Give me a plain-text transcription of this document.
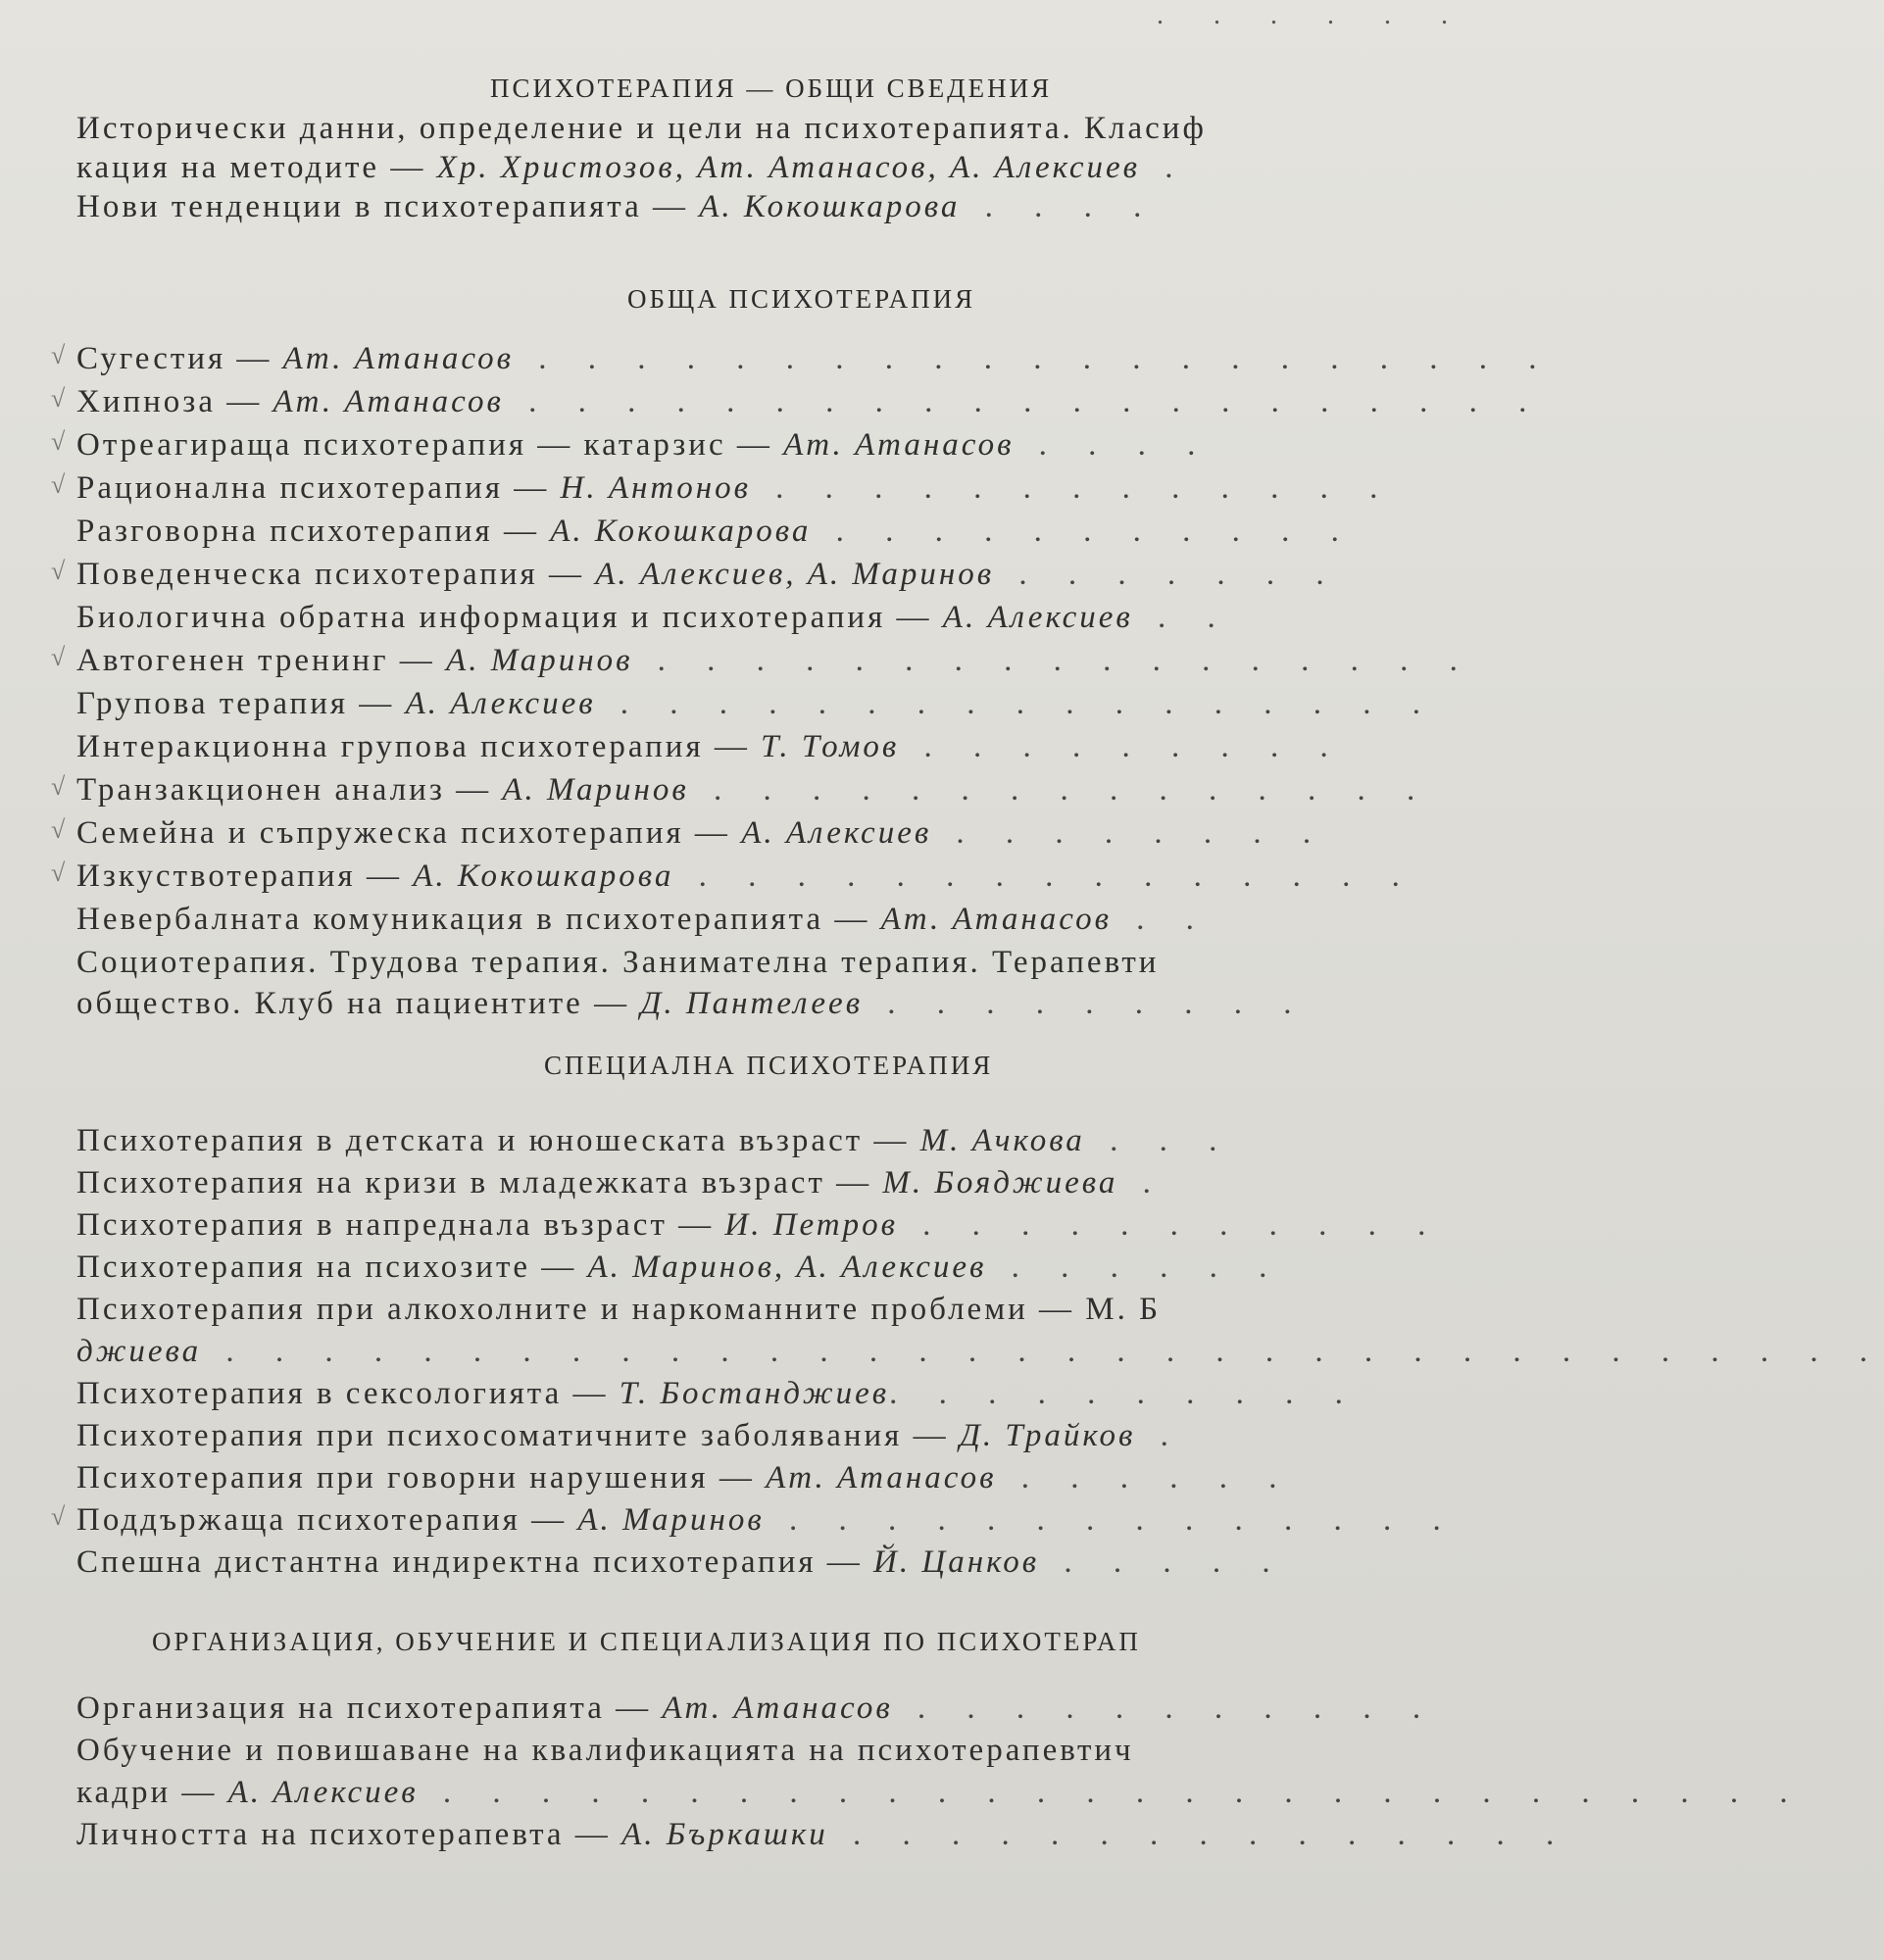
. . . . . .
ПСИХОТЕРАПИЯ — ОБЩИ СВЕДЕНИЯ
Исторически данни, определение и цели на психотерапията. Класиф
кация на методите — Хр. Христозов, Ат. Атанасов, А. Алексиев .
Нови тенденции в психотерапията — А. Кокошкарова . . . .
ОБЩА ПСИХОТЕРАПИЯ
√ Сугестия — Ат. Атанасов . . . . . . . . . . . . . . . . . . . . .
√ Хипноза — Ат. Атанасов . . . . . . . . . . . . . . . . . . . . .
√ Отреагираща психотерапия — катарзис — Ат. Атанасов . . . .
√ Рационална психотерапия — Н. Антонов . . . . . . . . . . . . .
Разговорна психотерапия — А. Кокошкарова . . . . . . . . . . .
√ Поведенческа психотерапия — А. Алексиев, А. Маринов . . . . . . .
Биологична обратна информация и психотерапия — А. Алексиев . .
√ Автогенен тренинг — А. Маринов . . . . . . . . . . . . . . . . .
Групова терапия — А. Алексиев . . . . . . . . . . . . . . . . .
Интеракционна групова психотерапия — Т. Томов . . . . . . . . .
√ Транзакционен анализ — А. Маринов . . . . . . . . . . . . . . .
√ Семейна и съпружеска психотерапия — А. Алексиев . . . . . . . .
√ Изкуствотерапия — А. Кокошкарова . . . . . . . . . . . . . . .
Невербалната комуникация в психотерапията — Ат. Атанасов . .
Социотерапия. Трудова терапия. Занимателна терапия. Терапевти
общество. Клуб на пациентите — Д. Пантелеев . . . . . . . . .
СПЕЦИАЛНА ПСИХОТЕРАПИЯ
Психотерапия в детската и юношеската възраст — М. Ачкова . . .
Психотерапия на кризи в младежката възраст — М. Бояджиева .
Психотерапия в напреднала възраст — И. Петров . . . . . . . . . . .
Психотерапия на психозите — А. Маринов, А. Алексиев . . . . . .
Психотерапия при алкохолните и наркоманните проблеми — М. Б
джиева . . . . . . . . . . . . . . . . . . . . . . . . . . . . . . . . . .
Психотерапия в сексологията — Т. Бостанджиев. . . . . . . . . .
Психотерапия при психосоматичните заболявания — Д. Трайков .
Психотерапия при говорни нарушения — Ат. Атанасов . . . . . .
√ Поддържаща психотерапия — А. Маринов . . . . . . . . . . . . . .
Спешна дистантна индиректна психотерапия — Й. Цанков . . . . .
ОРГАНИЗАЦИЯ, ОБУЧЕНИЕ И СПЕЦИАЛИЗАЦИЯ ПО ПСИХОТЕРАП
Организация на психотерапията — Ат. Атанасов . . . . . . . . . . .
Обучение и повишаване на квалификацията на психотерапевтич
кадри — А. Алексиев . . . . . . . . . . . . . . . . . . . . . . . . . . . .
Личността на психотерапевта — А. Бъркашки . . . . . . . . . . . . . . .
